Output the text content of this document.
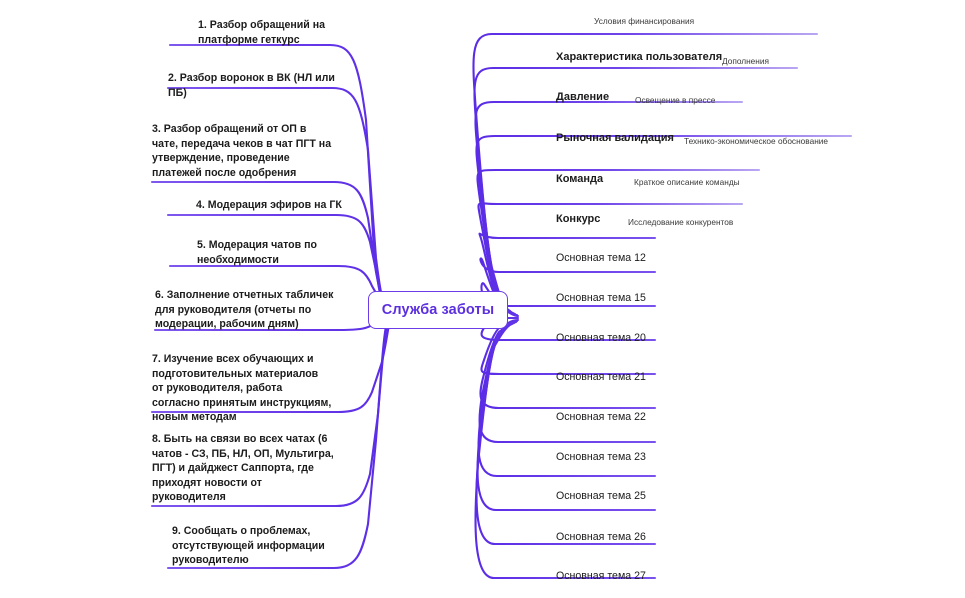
Служба заботы
1. Разбор обращений на платформе геткурс
2. Разбор воронок в ВК (НЛ или ПБ)
3. Разбор обращений от ОП в чате, передача чеков в чат ПГТ на утверждение, проведение платежей после одобрения
4. Модерация эфиров на ГК
5. Модерация чатов по необходимости
6. Заполнение отчетных табличек для руководителя (отчеты по модерации, рабочим дням)
7. Изучение всех обучающих и подготовительных материалов от руководителя, работа согласно принятым инструкциям, новым методам
8. Быть на связи во всех чатах (6 чатов - СЗ, ПБ, НЛ, ОП, Мультигра, ПГТ) и дайджест Саппорта, где приходят новости от руководителя
9. Сообщать о проблемах, отсутствующей информации руководителю
Условия финансирования
Характеристика пользователя Дополнения
Давление	Освещение в прессе
Рыночная валидация Технико-экономическое обоснование
Команда	Краткое описание команды
Конкурс	Исследование конкурентов
Основная тема 12
Основная тема 15
Основная тема 20
Основная тема 21
Основная тема 22
Основная тема 23
Основная тема 25
Основная тема 26
Основная тема 27
